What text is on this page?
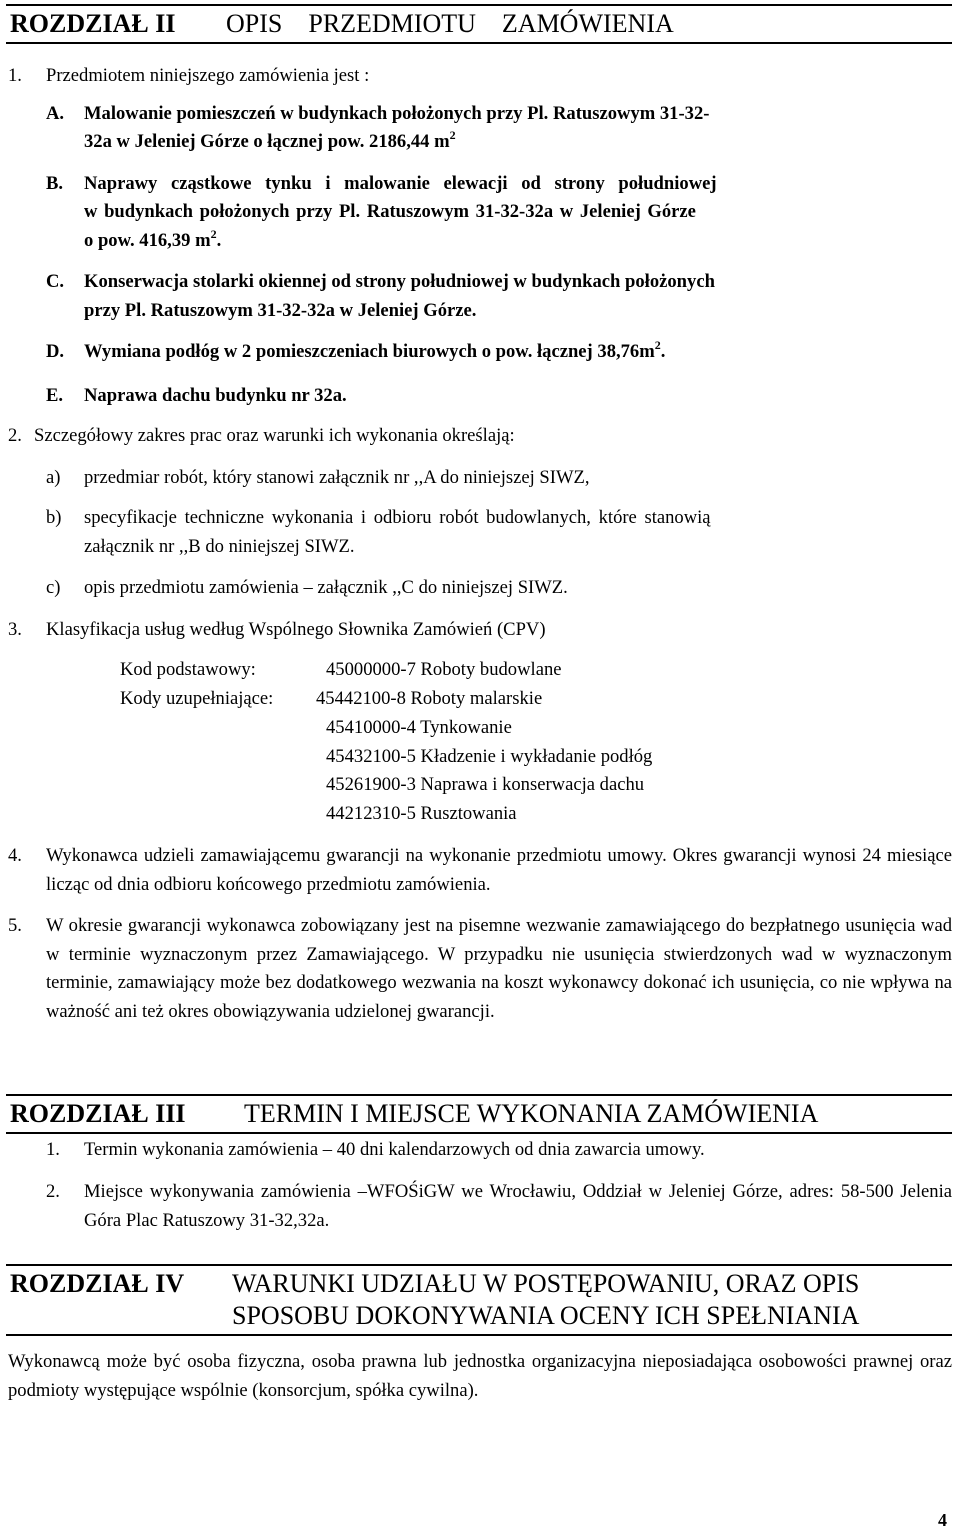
ROZDZIAŁ II OPIS    PRZEDMIOTU    ZAMÓWIENIA
1. Przedmiotem niniejszego zamówienia jest :
A. Malowanie pomieszczeń w budynkach położonych przy Pl. Ratuszowym 31-32-
32a w Jeleniej Górze o łącznej pow. 2186,44 $m^2$
B. Naprawy cząstkowe tynku i malowanie elewacji od strony południowej
w budynkach położonych przy Pl. Ratuszowym 31-32-32a w Jeleniej Górze
o pow. 416,39 $m^2$.
C. Konserwacja stolarki okiennej od strony południowej w budynkach położonych
przy Pl. Ratuszowym 31-32-32a w Jeleniej Górze.
D. Wymiana podłóg w 2 pomieszczeniach biurowych o pow. łącznej $38,76m^2$.
E. Naprawa dachu budynku nr 32a.
2. Szczegółowy zakres prac oraz warunki ich wykonania określają:
a) przedmiar robót, który stanowi załącznik nr ,,A do niniejszej SIWZ,
b) specyfikacje techniczne wykonania i odbioru robót budowlanych, które stanowią
załącznik nr ,,B do niniejszej SIWZ.
c) opis przedmiotu zamówienia – załącznik ,,C do niniejszej SIWZ.
3. Klasyfikacja usług według Wspólnego Słownika Zamówień (CPV)
Kod podstawowy:	45000000-7 Roboty budowlane
Kody uzupełniające: 45442100-8 Roboty malarskie
45410000-4 Tynkowanie
45432100-5 Kładzenie i wykładanie podłóg
45261900-3 Naprawa i konserwacja dachu
44212310-5 Rusztowania
4. Wykonawca udzieli zamawiającemu gwarancji na wykonanie przedmiotu umowy. Okres gwarancji wynosi 24 miesiące licząc od dnia odbioru końcowego przedmiotu zamówienia.
5. W okresie gwarancji wykonawca zobowiązany jest na pisemne wezwanie zamawiającego do bezpłatnego usunięcia wad w terminie wyznaczonym przez Zamawiającego. W przypadku nie usunięcia stwierdzonych wad w wyznaczonym terminie, zamawiający może bez dodatkowego wezwania na koszt wykonawcy dokonać ich usunięcia, co nie wpływa na ważność ani też okres obowiązywania udzielonej gwarancji.
ROZDZIAŁ III TERMIN I MIEJSCE WYKONANIA ZAMÓWIENIA
1. Termin wykonania zamówienia – 40 dni kalendarzowych od dnia zawarcia umowy.
2. Miejsce wykonywania zamówienia –WFOŚiGW we Wrocławiu, Oddział w Jeleniej Górze, adres: 58-500 Jelenia Góra Plac Ratuszowy 31-32,32a.
ROZDZIAŁ IV WARUNKI UDZIAŁU W POSTĘPOWANIU, ORAZ OPIS
SPOSOBU DOKONYWANIA OCENY ICH SPEŁNIANIA
Wykonawcą może być osoba fizyczna, osoba prawna lub jednostka organizacyjna nieposiadająca osobowości prawnej oraz podmioty występujące wspólnie (konsorcjum, spółka cywilna).
4
